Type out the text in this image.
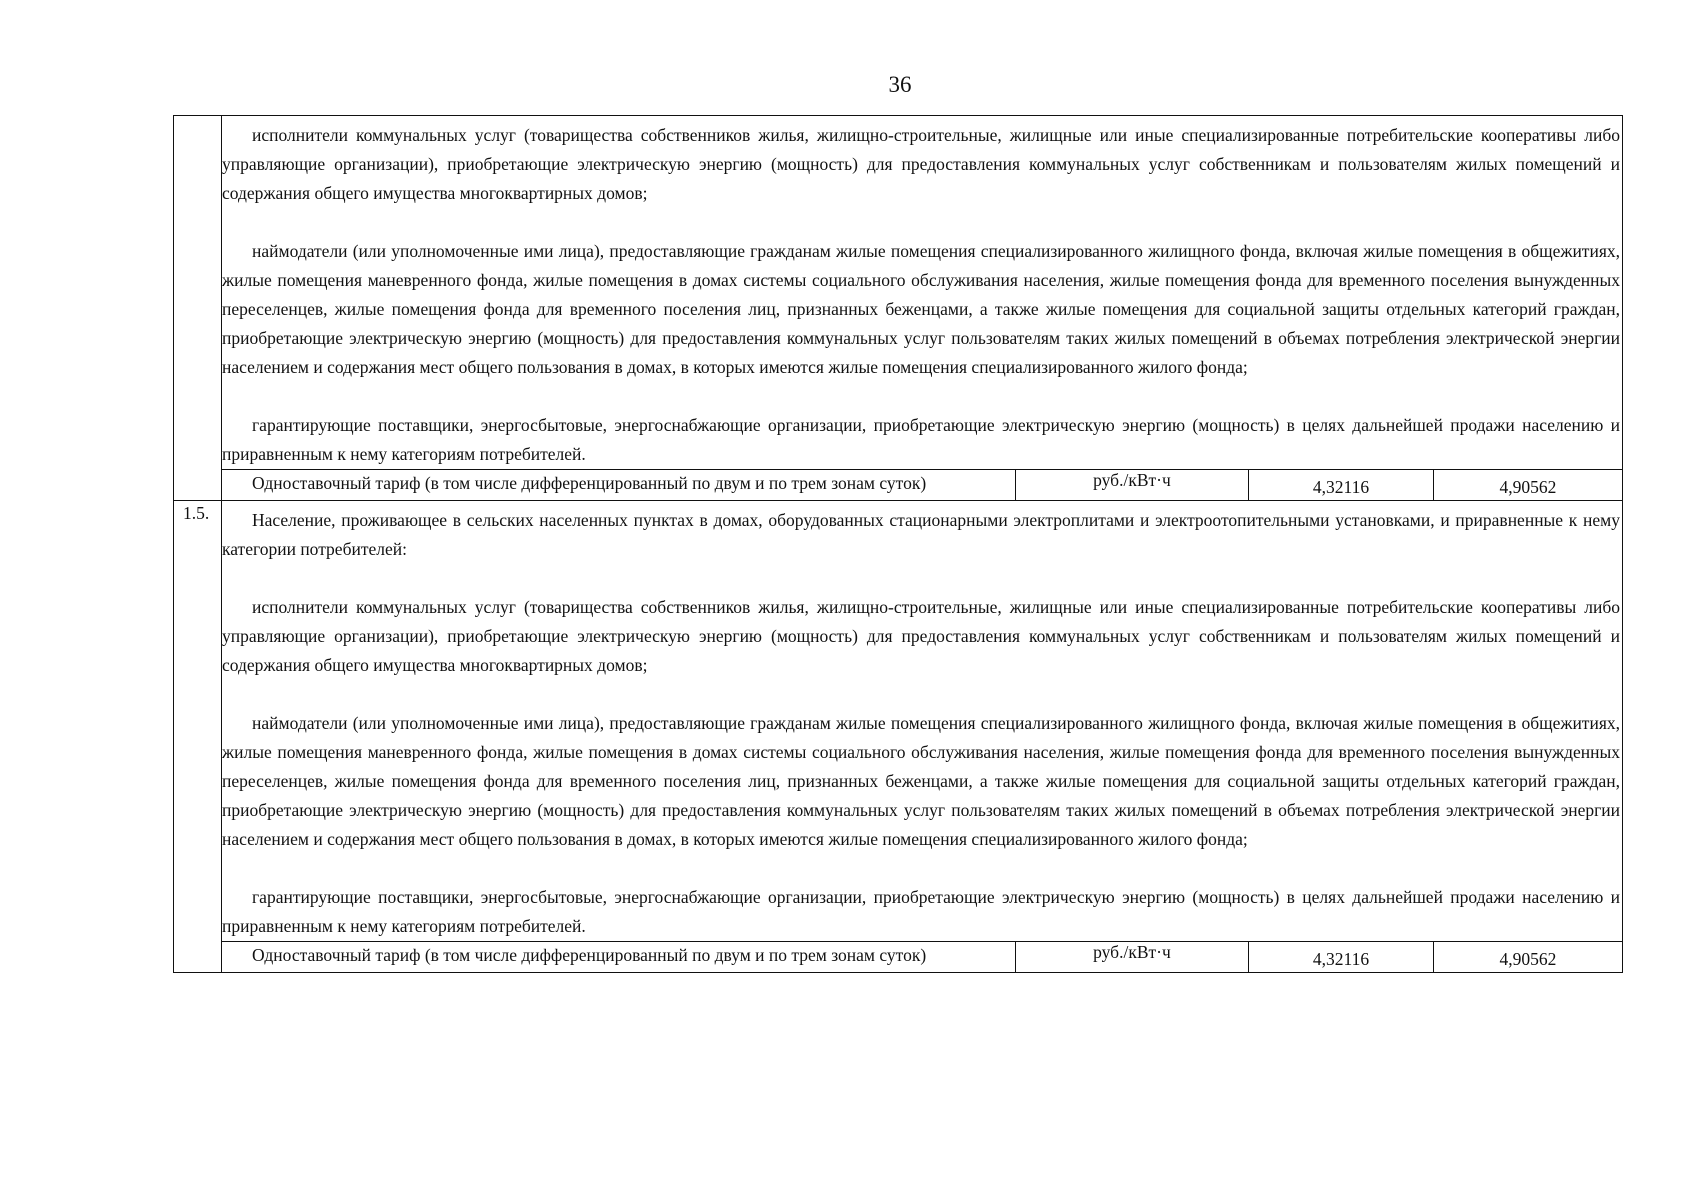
36

	исполнители коммунальных услуг (товарищества собственников жилья, жилищно-строительные, жилищные или иные специализированные потребительские кооперативы либо управляющие организации), приобретающие электрическую энергию (мощность) для предоставления коммунальных услуг собственникам и пользователям жилых помещений и содержания общего имущества многоквартирных домов;

наймодатели (или уполномоченные ими лица), предоставляющие гражданам жилые помещения специализированного жилищного фонда, включая жилые помещения в общежитиях, жилые помещения маневренного фонда, жилые помещения в домах системы социального обслуживания населения, жилые помещения фонда для временного поселения вынужденных переселенцев, жилые помещения фонда для временного поселения лиц, признанных беженцами, а также жилые помещения для социальной защиты отдельных категорий граждан, приобретающие электрическую энергию (мощность) для предоставления коммунальных услуг пользователям таких жилых помещений в объемах потребления электрической энергии населением и содержания мест общего пользования в домах, в которых имеются жилые помещения специализированного жилого фонда;

гарантирующие поставщики, энергосбытовые, энергоснабжающие организации, приобретающие электрическую энергию (мощность) в целях дальнейшей продажи населению и приравненным к нему категориям потребителей.			

	Одноставочный тариф (в том числе дифференцированный по двум и по трем зонам суток)	руб./кВт·ч	4,32116	4,90562
1.5.	Население, проживающее в сельских населенных пунктах в домах, оборудованных стационарными электроплитами и электроотопительными установками, и приравненные к нему категории потребителей:

исполнители коммунальных услуг (товарищества собственников жилья, жилищно-строительные, жилищные или иные специализированные потребительские кооперативы либо управляющие организации), приобретающие электрическую энергию (мощность) для предоставления коммунальных услуг собственникам и пользователям жилых помещений и содержания общего имущества многоквартирных домов;

наймодатели (или уполномоченные ими лица), предоставляющие гражданам жилые помещения специализированного жилищного фонда, включая жилые помещения в общежитиях, жилые помещения маневренного фонда, жилые помещения в домах системы социального обслуживания населения, жилые помещения фонда для временного поселения вынужденных переселенцев, жилые помещения фонда для временного поселения лиц, признанных беженцами, а также жилые помещения для социальной защиты отдельных категорий граждан, приобретающие электрическую энергию (мощность) для предоставления коммунальных услуг пользователям таких жилых помещений в объемах потребления электрической энергии населением и содержания мест общего пользования в домах, в которых имеются жилые помещения специализированного жилого фонда;

гарантирующие поставщики, энергосбытовые, энергоснабжающие организации, приобретающие электрическую энергию (мощность) в целях дальнейшей продажи населению и приравненным к нему категориям потребителей.			

	Одноставочный тариф (в том числе дифференцированный по двум и по трем зонам суток)	руб./кВт·ч	4,32116	4,90562
